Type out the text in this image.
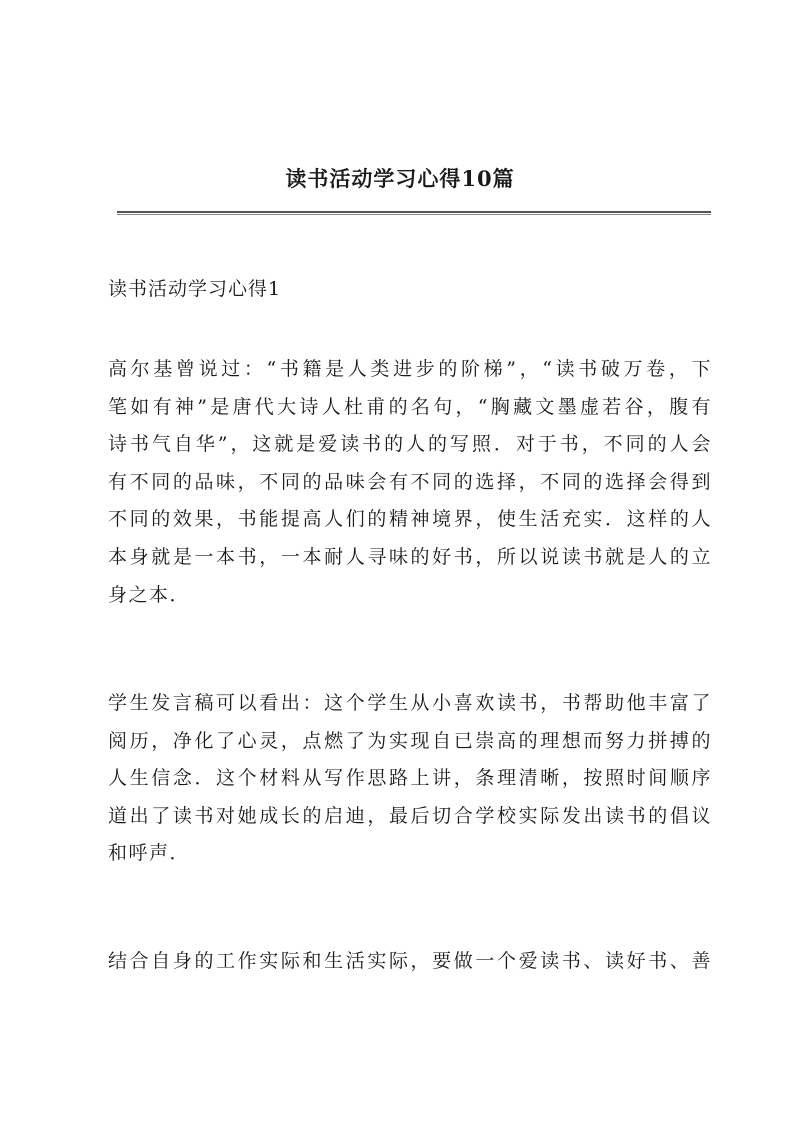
读书活动学习心得10篇
读书活动学习心得1
高尔基曾说过：“书籍是人类进步的阶梯”，“读书破万卷，下
笔如有神”是唐代大诗人杜甫的名句，“胸藏文墨虚若谷，腹有
诗书气自华”，这就是爱读书的人的写照．对于书，不同的人会
有不同的品味，不同的品味会有不同的选择，不同的选择会得到
不同的效果，书能提高人们的精神境界，使生活充实．这样的人
本身就是一本书，一本耐人寻味的好书，所以说读书就是人的立
身之本．
学生发言稿可以看出：这个学生从小喜欢读书，书帮助他丰富了
阅历，净化了心灵，点燃了为实现自已崇高的理想而努力拼搏的
人生信念．这个材料从写作思路上讲，条理清晰，按照时间顺序
道出了读书对她成长的启迪，最后切合学校实际发出读书的倡议
和呼声．
结合自身的工作实际和生活实际，要做一个爱读书、读好书、善
